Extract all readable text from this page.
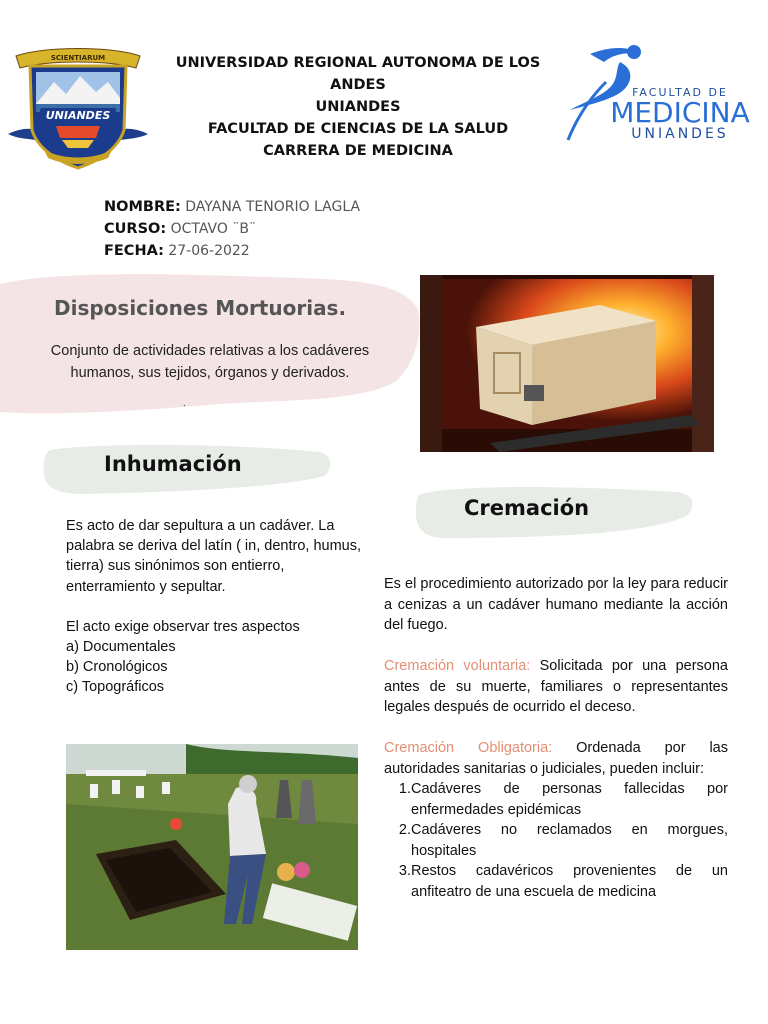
SCIENTIARUM
UNIANDES
FACULTAD DE
MEDICINA
UNIANDES
UNIVERSIDAD REGIONAL AUTONOMA DE LOS
ANDES
UNIANDES
FACULTAD DE CIENCIAS DE LA SALUD
CARRERA DE MEDICINA
NOMBRE: DAYANA TENORIO LAGLA
CURSO: OCTAVO ¨B¨
FECHA: 27-06-2022
Disposiciones Mortuorias.
Conjunto de actividades relativas a los cadáveres humanos, sus tejidos, órganos y derivados.
.
Inhumación

Es acto de dar sepultura a un cadáver. La palabra se deriva del latín ( in, dentro, humus, tierra) sus sinónimos son entierro, enterramiento y sepultar.

El acto exige observar tres aspectos

a) Documentales

b) Cronológicos

c) Topográficos

Cremación

Es el procedimiento autorizado por la ley para reducir a cenizas a un cadáver humano mediante la acción del fuego.

Cremación voluntaria: Solicitada por una persona antes de su muerte, familiares o representantes legales después de ocurrido el deceso.

Cremación Obligatoria: Ordenada por las autoridades sanitarias o judiciales, pueden incluir:

1. Cadáveres de personas fallecidas por enfermedades epidémicas
2. Cadáveres no reclamados en morgues, hospitales
3. Restos cadavéricos provenientes de un anfiteatro de una escuela de medicina
